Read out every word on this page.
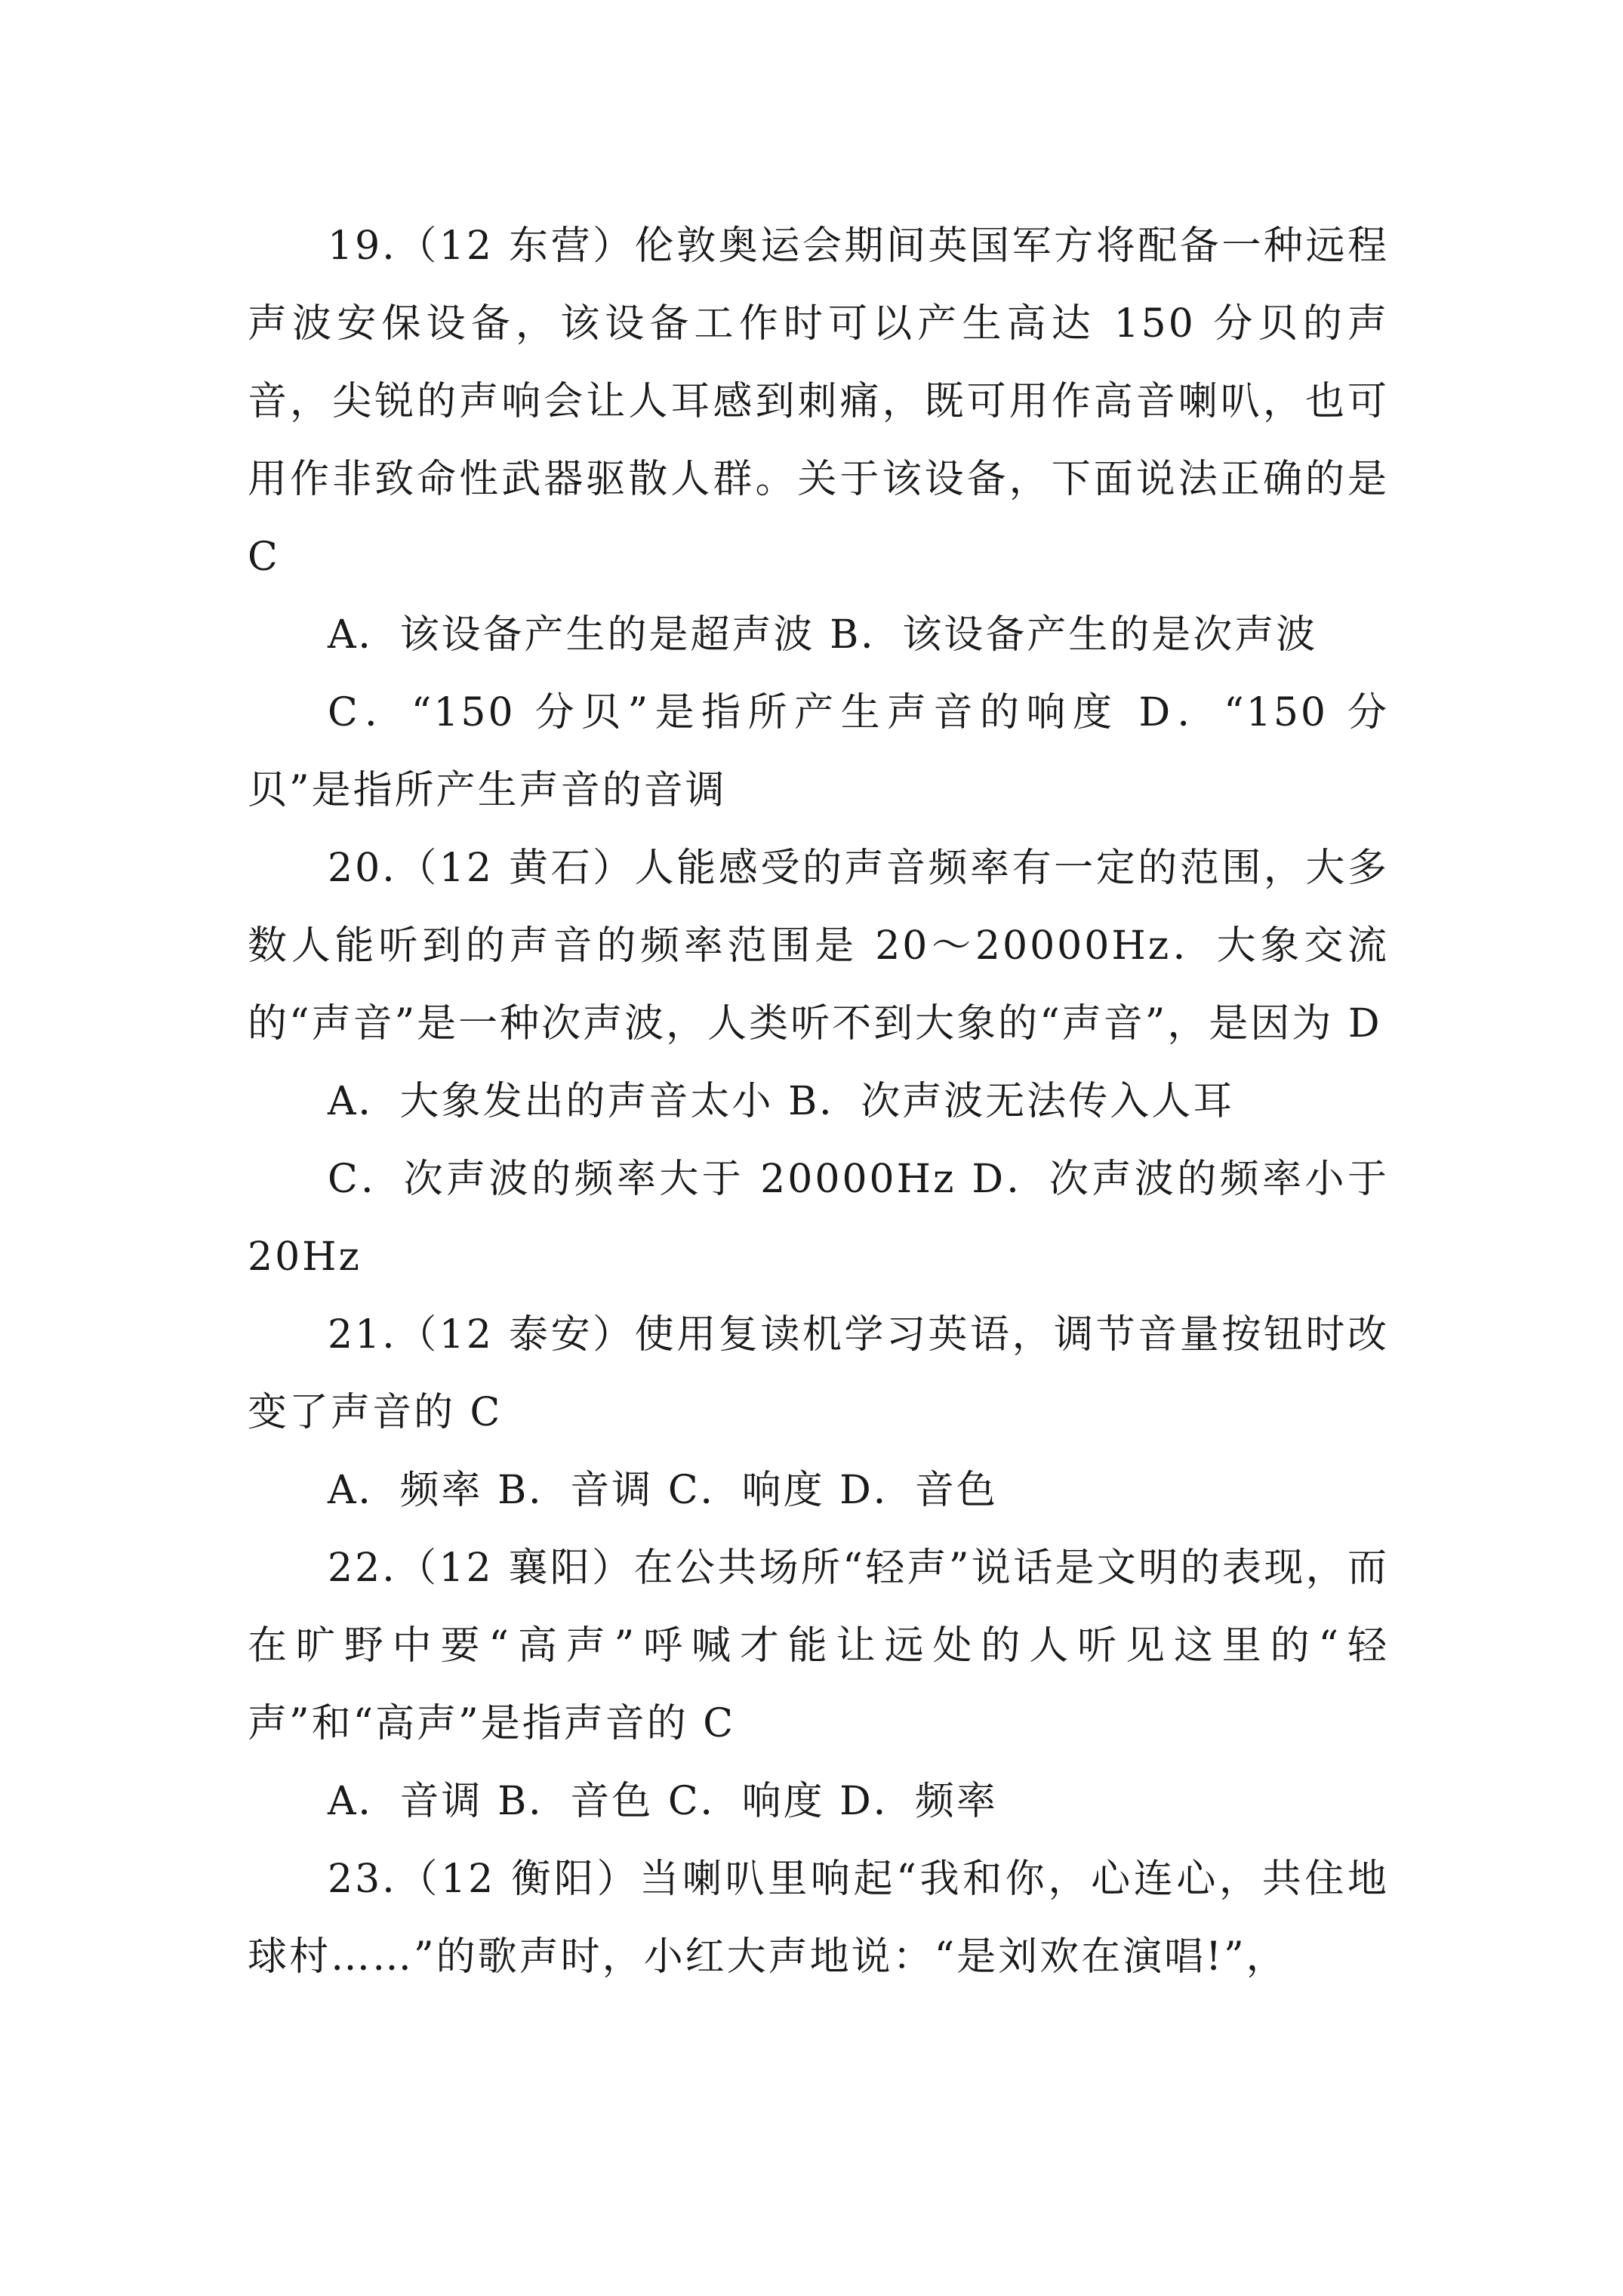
19.（12 东营）伦敦奥运会期间英国军方将配备一种远程声波安保设备，该设备工作时可以产生高达 150 分贝的声音，尖锐的声响会让人耳感到刺痛，既可用作高音喇叭，也可用作非致命性武器驱散人群。关于该设备，下面说法正确的是 C

A．该设备产生的是超声波 B．该设备产生的是次声波

C．“150 分贝”是指所产生声音的响度 D．“150 分贝”是指所产生声音的音调

20.（12 黄石）人能感受的声音频率有一定的范围，大多数人能听到的声音的频率范围是 20～20000Hz．大象交流的“声音”是一种次声波，人类听不到大象的“声音”，是因为 D

A．大象发出的声音太小 B．次声波无法传入人耳

C．次声波的频率大于 20000Hz D．次声波的频率小于 20Hz

21.（12 泰安）使用复读机学习英语，调节音量按钮时改变了声音的 C

A．频率 B．音调 C．响度 D．音色

22.（12 襄阳）在公共场所“轻声”说话是文明的表现，而在旷野中要“高声”呼喊才能让远处的人听见这里的“轻声”和“高声”是指声音的 C

A．音调 B．音色 C．响度 D．频率

23.（12 衡阳）当喇叭里响起“我和你，心连心，共住地球村……”的歌声时，小红大声地说：“是刘欢在演唱!”，
